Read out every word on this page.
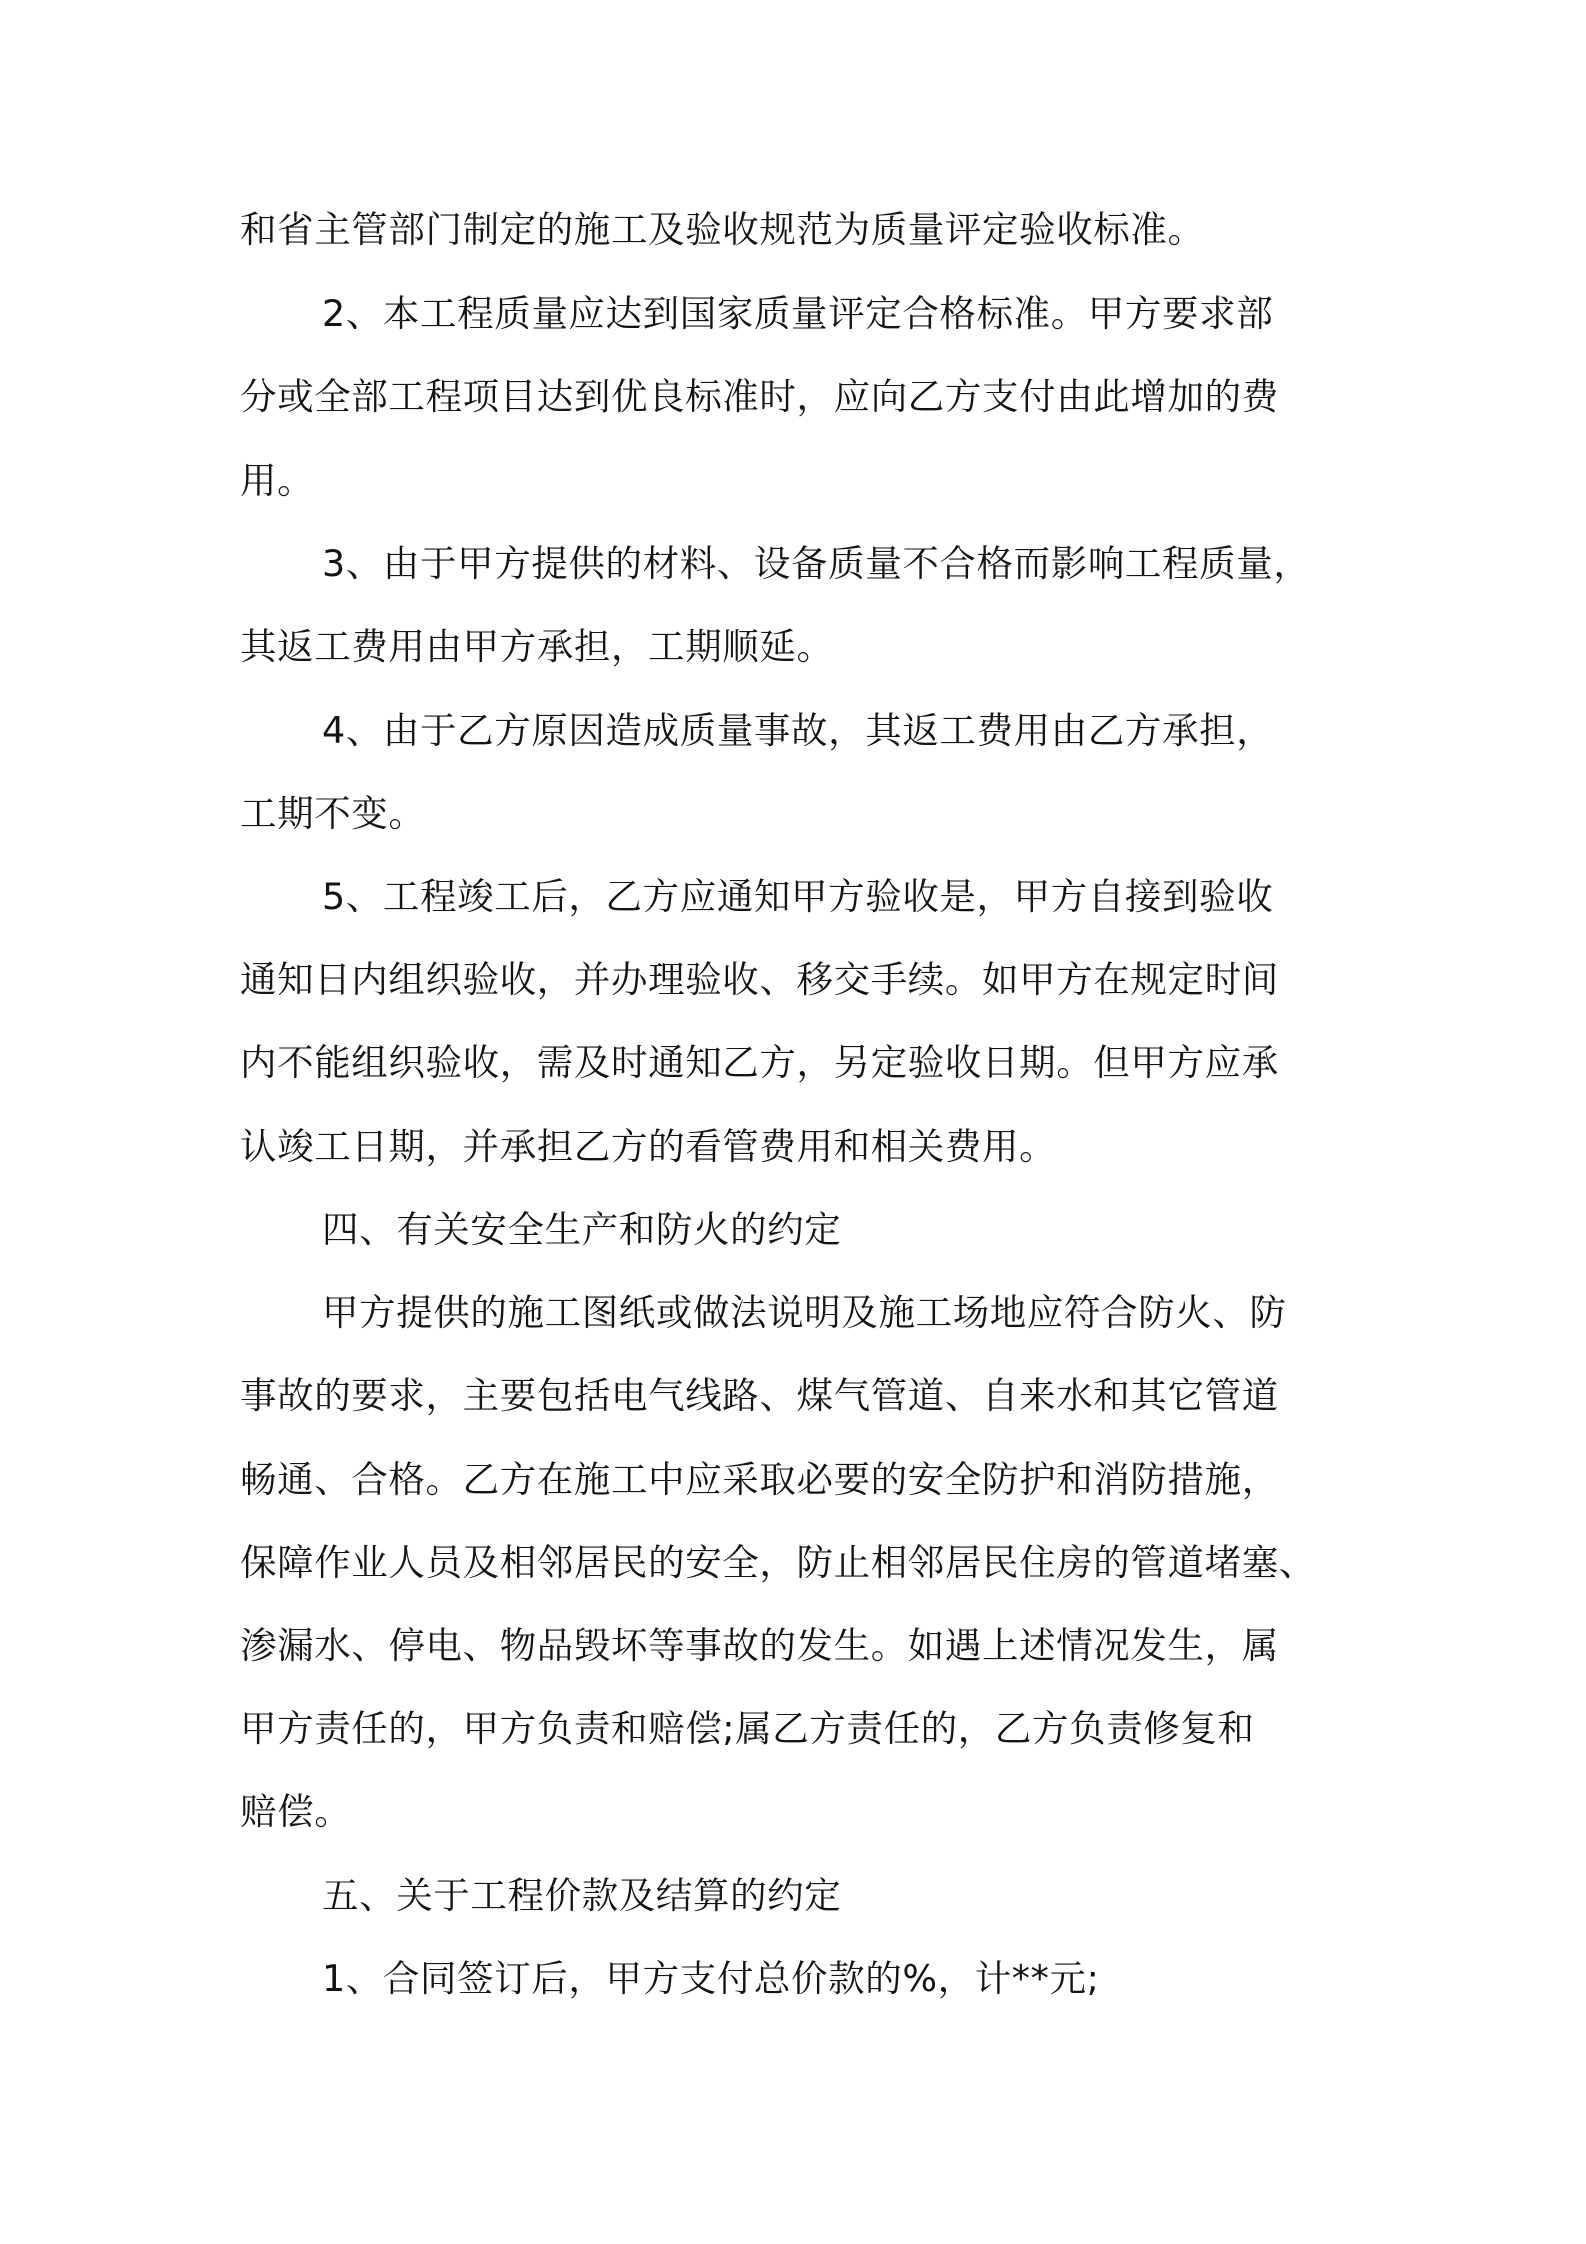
和省主管部门制定的施工及验收规范为质量评定验收标准。
2、本工程质量应达到国家质量评定合格标准。甲方要求部
分或全部工程项目达到优良标准时，应向乙方支付由此增加的费
用。
3、由于甲方提供的材料、设备质量不合格而影响工程质量，
其返工费用由甲方承担，工期顺延。
4、由于乙方原因造成质量事故，其返工费用由乙方承担，
工期不变。
5、工程竣工后，乙方应通知甲方验收是，甲方自接到验收
通知日内组织验收，并办理验收、移交手续。如甲方在规定时间
内不能组织验收，需及时通知乙方，另定验收日期。但甲方应承
认竣工日期，并承担乙方的看管费用和相关费用。
四、有关安全生产和防火的约定
甲方提供的施工图纸或做法说明及施工场地应符合防火、防
事故的要求，主要包括电气线路、煤气管道、自来水和其它管道
畅通、合格。乙方在施工中应采取必要的安全防护和消防措施，
保障作业人员及相邻居民的安全，防止相邻居民住房的管道堵塞、
渗漏水、停电、物品毁坏等事故的发生。如遇上述情况发生，属
甲方责任的，甲方负责和赔偿;属乙方责任的，乙方负责修复和
赔偿。
五、关于工程价款及结算的约定
1、合同签订后，甲方支付总价款的%，计**元;
